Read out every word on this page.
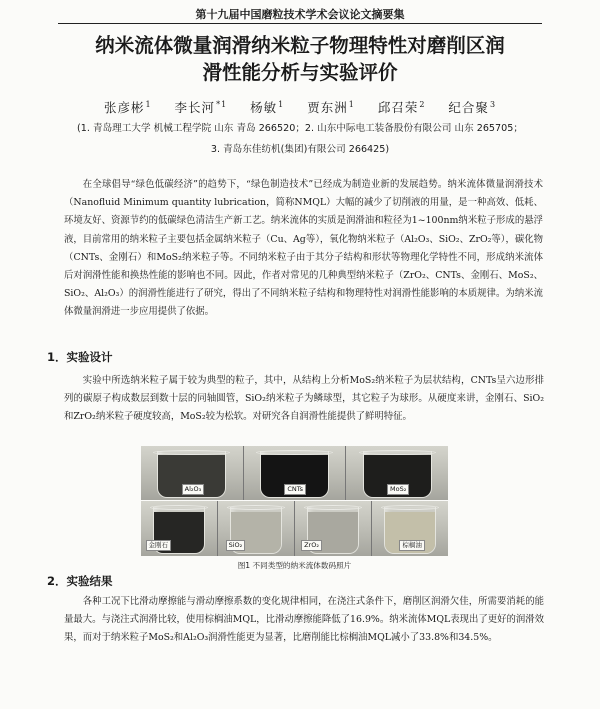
第十九届中国磨粒技术学术会议论文摘要集
纳米流体微量润滑纳米粒子物理特性对磨削区润
滑性能分析与实验评价
张彦彬$^1$ 李长河$^{*1}$ 杨敏$^1$ 贾东洲$^1$ 邱召荣$^2$ 纪合聚$^3$
(1. 青岛理工大学 机械工程学院 山东 青岛 266520；2. 山东中际电工装备股份有限公司 山东 265705；
3. 青岛东佳纺机(集团)有限公司 266425)

在全球倡导“绿色低碳经济”的趋势下，“绿色制造技术”已经成为制造业新的发展趋势。纳米流体微量润滑技术（Nanofluid Minimum quantity lubrication，简称NMQL）大幅的减少了切削液的用量，是一种高效、低耗、环境友好、资源节约的低碳绿色清洁生产新工艺。纳米流体的实质是润滑油和粒径为1~100nm纳米粒子形成的悬浮液，目前常用的纳米粒子主要包括金属纳米粒子（Cu、Ag等），氧化物纳米粒子（Al₂O₃、SiO₂、ZrO₂等），碳化物（CNTs、金刚石）和MoS₂纳米粒子等。不同纳米粒子由于其分子结构和形状等物理化学特性不同，形成纳米流体后对润滑性能和换热性能的影响也不同。因此，作者对常见的几种典型纳米粒子（ZrO₂、CNTs、金刚石、MoS₂、SiO₂、Al₂O₃）的润滑性能进行了研究，得出了不同纳米粒子结构和物理特性对润滑性能影响的本质规律。为纳米流体微量润滑进一步应用提供了依据。

1．实验设计

实验中所选纳米粒子属于较为典型的粒子，其中，从结构上分析MoS₂纳米粒子为层状结构，CNTs呈六边形排列的碳原子构成数层到数十层的同轴圆管，SiO₂纳米粒子为鳞球型，其它粒子为球形。从硬度来讲，金刚石、SiO₂和ZrO₂纳米粒子硬度较高，MoS₂较为松软。对研究各自润滑性能提供了鲜明特征。

Al₂O₃	CNTs	MoS₂
金刚石	SiO₂	ZrO₂	棕榈油
图1 不同类型的纳米流体数码照片
2．实验结果

各种工况下比滑动摩擦能与滑动摩擦系数的变化规律相同，在浇注式条件下，磨削区润滑欠佳，所需要消耗的能量最大。与浇注式润滑比较，使用棕榈油MQL，比滑动摩擦能降低了16.9%。纳米流体MQL表现出了更好的润滑效果，而对于纳米粒子MoS₂和Al₂O₃润滑性能更为显著，比磨削能比棕榈油MQL减小了33.8%和34.5%。
